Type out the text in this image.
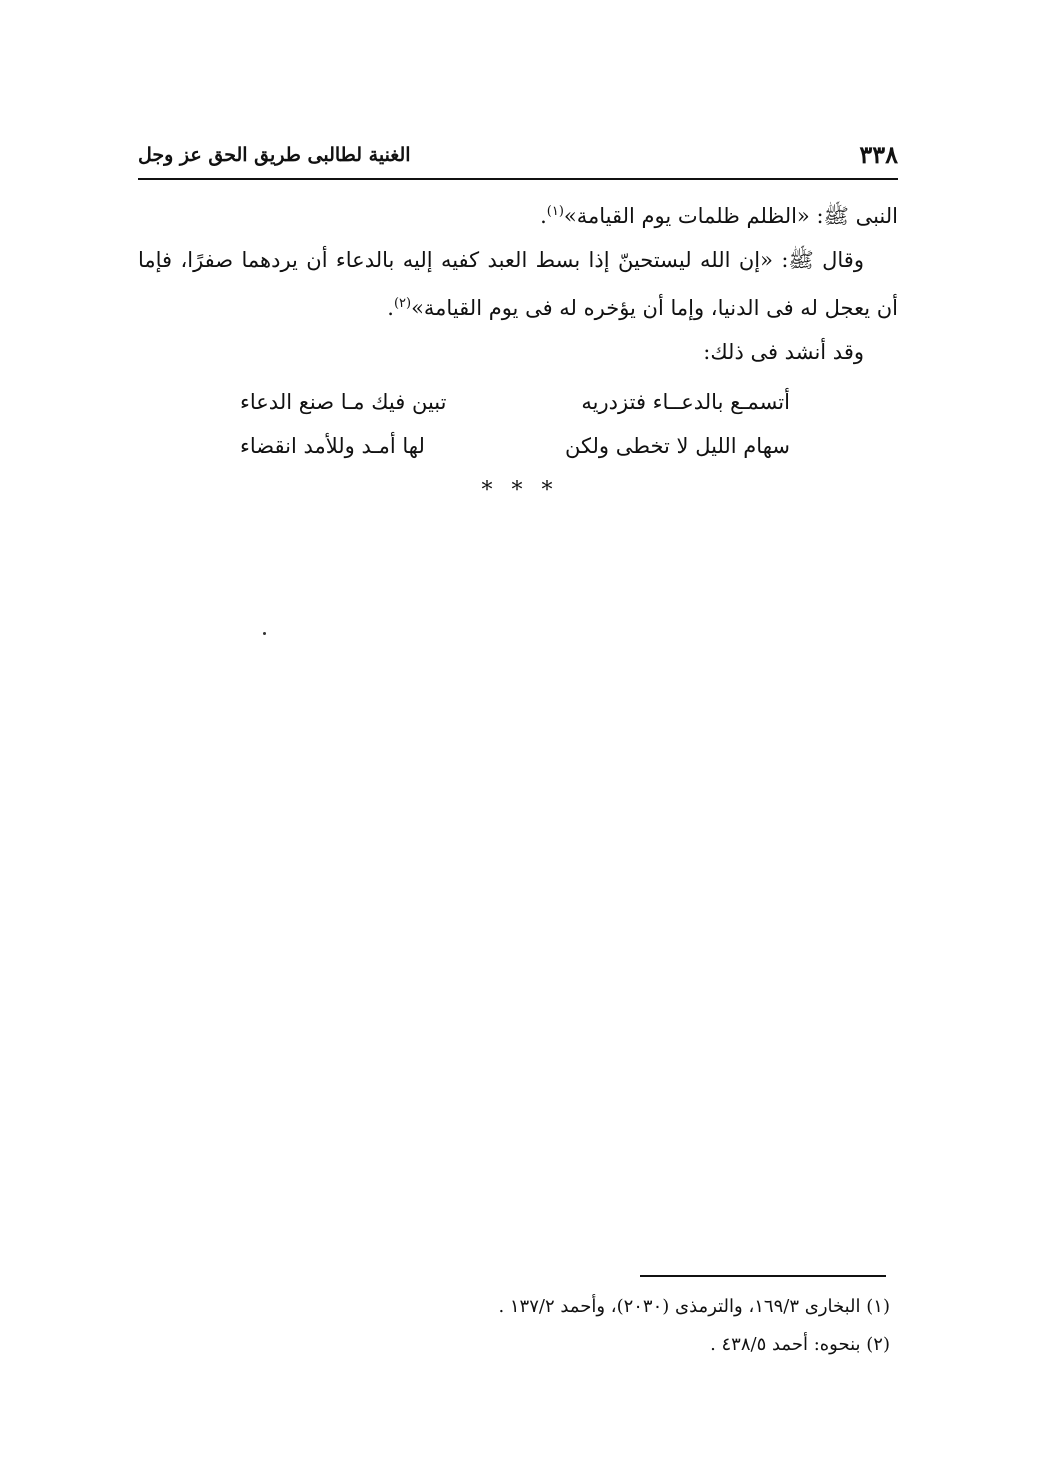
٣٣٨
الغنية لطالبى طريق الحق عز وجل

النبى ﷺ: «الظلم ظلمات يوم القيامة»$^{(١)}$.

وقال ﷺ: «إن الله ليستحينّ إذا بسط العبد كفيه إليه بالدعاء أن يردهما صفرًا، فإما أن يعجل له فى الدنيا، وإما أن يؤخره له فى يوم القيامة»$^{(٢)}$.

وقد أنشد فى ذلك:

أتسمـع بالدعــاء فتزدريه
تبين فيك مـا صنع الدعاء
سهام الليل لا تخطى ولكن
لها أمـد وللأمد انقضاء
* * *

(١) البخارى ١٦٩/٣، والترمذى (٢٠٣٠)، وأحمد ١٣٧/٢ .

(٢) بنحوه: أحمد ٤٣٨/٥ .
